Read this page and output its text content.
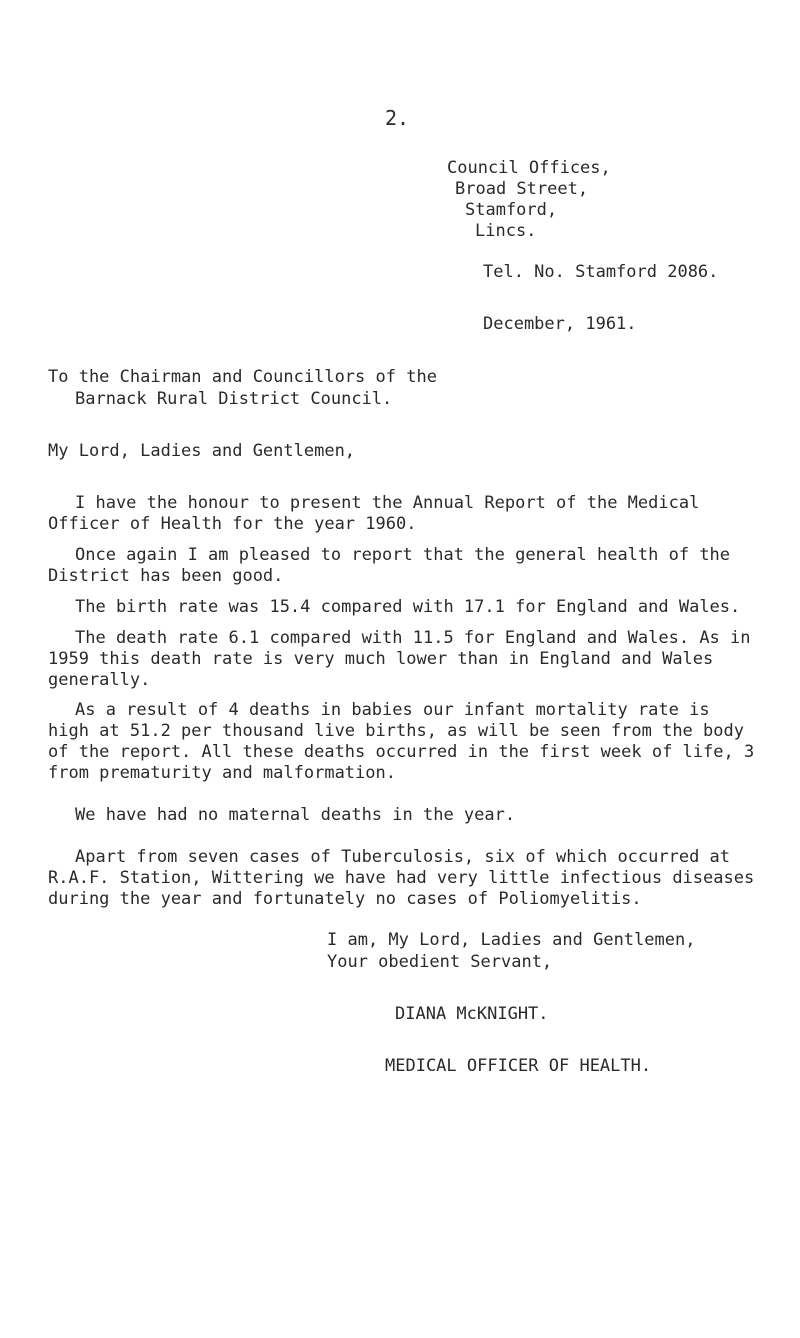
2.
Council Offices,
Broad Street,
Stamford,
Lincs.
Tel. No. Stamford 2086.
December, 1961.
To the Chairman and Councillors of the
Barnack Rural District Council.
My Lord, Ladies and Gentlemen,
I have the honour to present the Annual Report of the Medical Officer of Health for the year 1960.
Once again I am pleased to report that the general health of the District has been good.
The birth rate was 15.4 compared with 17.1 for England and Wales.
The death rate 6.1 compared with 11.5 for England and Wales. As in 1959 this death rate is very much lower than in England and Wales generally.
As a result of 4 deaths in babies our infant mortality rate is high at 51.2 per thousand live births, as will be seen from the body of the report. All these deaths occurred in the first week of life, 3 from prematurity and malformation.
We have had no maternal deaths in the year.
Apart from seven cases of Tuberculosis, six of which occurred at R.A.F. Station, Wittering we have had very little infectious diseases during the year and fortunately no cases of Poliomyelitis.
I am, My Lord, Ladies and Gentlemen,
Your obedient Servant,
DIANA McKNIGHT.
MEDICAL OFFICER OF HEALTH.
